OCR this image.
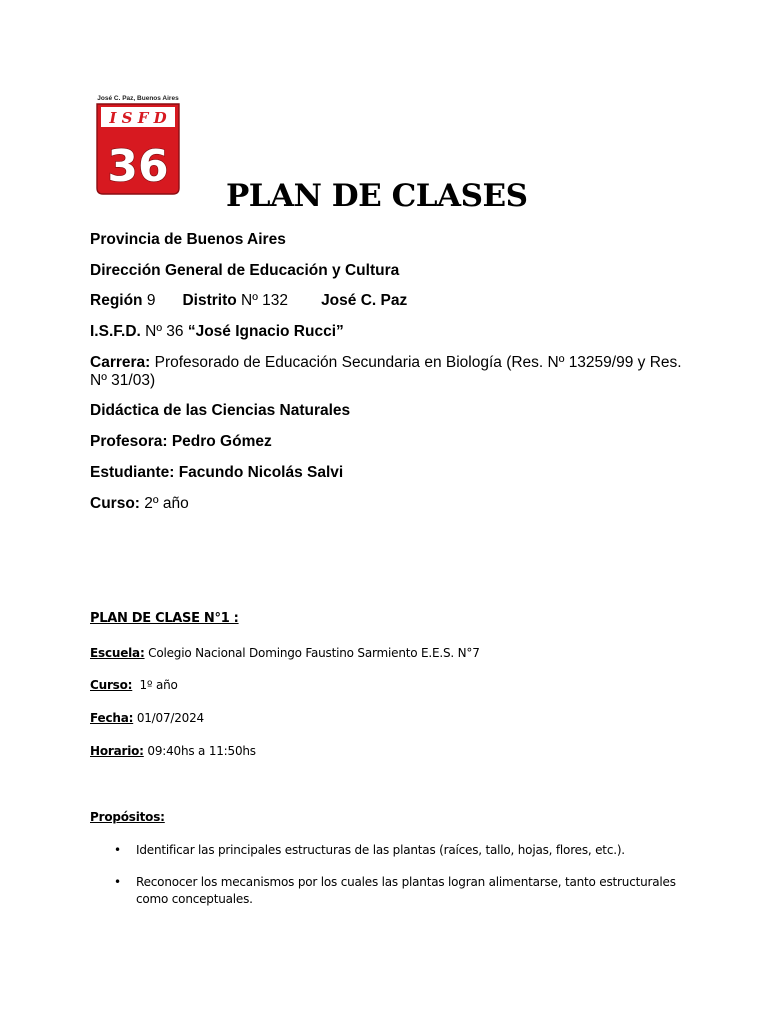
José C. Paz, Buenos Aires
I S F D
36
PLAN DE CLASES

Provincia de Buenos Aires

Dirección General de Educación y Cultura

Región 9 Distrito Nº 132 José C. Paz

I.S.F.D. Nº 36 “José Ignacio Rucci”

Carrera: Profesorado de Educación Secundaria en Biología (Res. Nº 13259/99 y Res. Nº 31/03)

Didáctica de las Ciencias Naturales

Profesora: Pedro Gómez

Estudiante: Facundo Nicolás Salvi

Curso: 2º año

PLAN DE CLASE N°1 :

Escuela: Colegio Nacional Domingo Faustino Sarmiento E.E.S. N°7

Curso:  1º año

Fecha: 01/07/2024

Horario: 09:40hs a 11:50hs

Propósitos:

• Identificar las principales estructuras de las plantas (raíces, tallo, hojas, flores, etc.).
• Reconocer los mecanismos por los cuales las plantas logran alimentarse, tanto estructurales como conceptuales.
